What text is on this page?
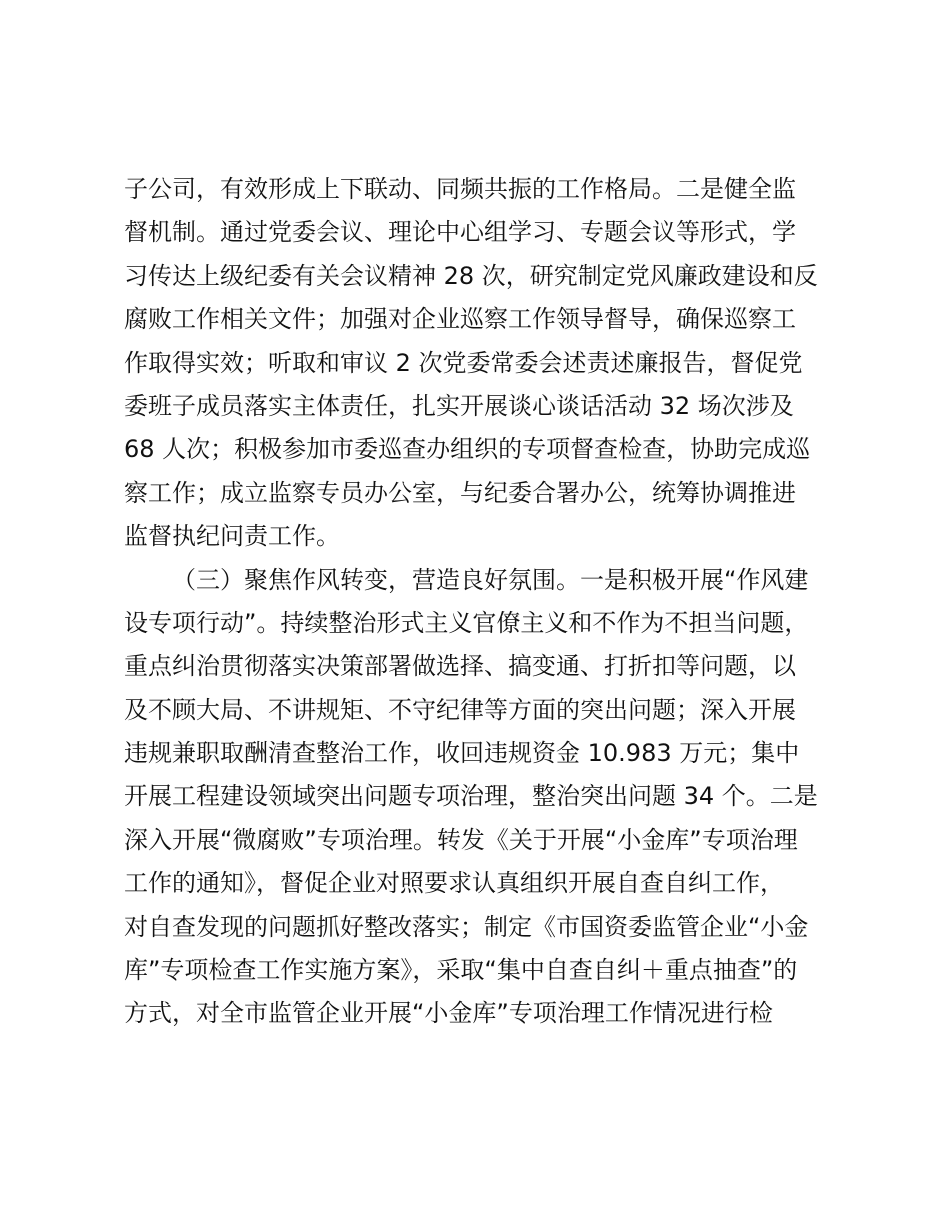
子公司，有效形成上下联动、同频共振的工作格局。二是健全监
督机制。通过党委会议、理论中心组学习、专题会议等形式，学
习传达上级纪委有关会议精神 28 次，研究制定党风廉政建设和反
腐败工作相关文件；加强对企业巡察工作领导督导，确保巡察工
作取得实效；听取和审议 2 次党委常委会述责述廉报告，督促党
委班子成员落实主体责任，扎实开展谈心谈话活动 32 场次涉及
68 人次；积极参加市委巡查办组织的专项督查检查，协助完成巡
察工作；成立监察专员办公室，与纪委合署办公，统筹协调推进
监督执纪问责工作。
（三）聚焦作风转变，营造良好氛围。一是积极开展“作风建
设专项行动”。持续整治形式主义官僚主义和不作为不担当问题，
重点纠治贯彻落实决策部署做选择、搞变通、打折扣等问题，以
及不顾大局、不讲规矩、不守纪律等方面的突出问题；深入开展
违规兼职取酬清查整治工作，收回违规资金 10.983 万元；集中
开展工程建设领域突出问题专项治理，整治突出问题 34 个。二是
深入开展“微腐败”专项治理。转发《关于开展“小金库”专项治理
工作的通知》，督促企业对照要求认真组织开展自查自纠工作，
对自查发现的问题抓好整改落实；制定《市国资委监管企业“小金
库”专项检查工作实施方案》，采取“集中自查自纠＋重点抽查”的
方式，对全市监管企业开展“小金库”专项治理工作情况进行检
